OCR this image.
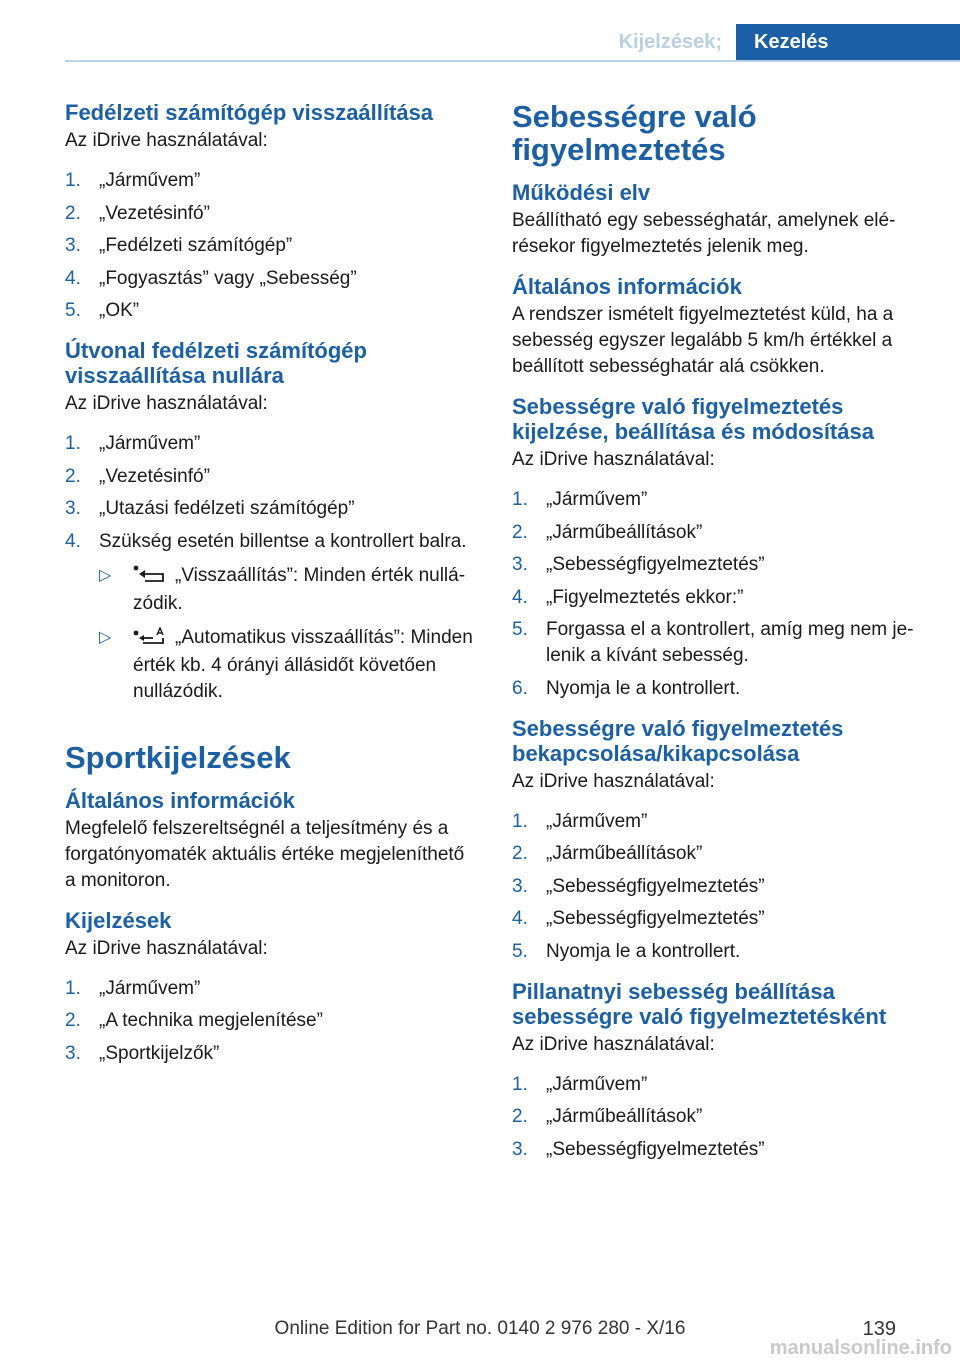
Kijelzések;	Kezelés
Fedélzeti számítógép visszaállítása

Az iDrive használatával:

1. „Járművem”
2. „Vezetésinfó”
3. „Fedélzeti számítógép”
4. „Fogyasztás” vagy „Sebesség”
5. „OK”
Útvonal fedélzeti számítógép visszaállítása nullára

Az iDrive használatával:

1. „Járművem”
2. „Vezetésinfó”
3. „Utazási fedélzeti számítógép”
4. Szükség esetén billentse a kontrollert balra.
▷	„Visszaállítás”: Minden érték nullázódik.
▷	„Automatikus visszaállítás”: Minden érték kb. 4 órányi állásidőt követően nullázódik.
Sportkijelzések
Általános információk

Megfelelő felszereltségnél a teljesítmény és a forgatónyomaték aktuális értéke megjeleníthető a monitoron.

Kijelzések

Az iDrive használatával:

1. „Járművem”
2. „A technika megjelenítése”
3. „Sportkijelzők”
Sebességre való figyelmeztetés
Működési elv

Beállítható egy sebességhatár, amelynek elérésekor figyelmeztetés jelenik meg.

Általános információk

A rendszer ismételt figyelmeztetést küld, ha a sebesség egyszer legalább 5 km/h értékkel a beállított sebességhatár alá csökken.

Sebességre való figyelmeztetés kijelzése, beállítása és módosítása

Az iDrive használatával:

1. „Járművem”
2. „Járműbeállítások”
3. „Sebességfigyelmeztetés”
4. „Figyelmeztetés ekkor:”
5. Forgassa el a kontrollert, amíg meg nem jelenik a kívánt sebesség.
6. Nyomja le a kontrollert.
Sebességre való figyelmeztetés bekapcsolása/kikapcsolása

Az iDrive használatával:

1. „Járművem”
2. „Járműbeállítások”
3. „Sebességfigyelmeztetés”
4. „Sebességfigyelmeztetés”
5. Nyomja le a kontrollert.
Pillanatnyi sebesség beállítása sebességre való figyelmeztetésként

Az iDrive használatával:

1. „Járművem”
2. „Járműbeállítások”
3. „Sebességfigyelmeztetés”
Online Edition for Part no. 0140 2 976 280 - X/16	139
manualsonline.info
